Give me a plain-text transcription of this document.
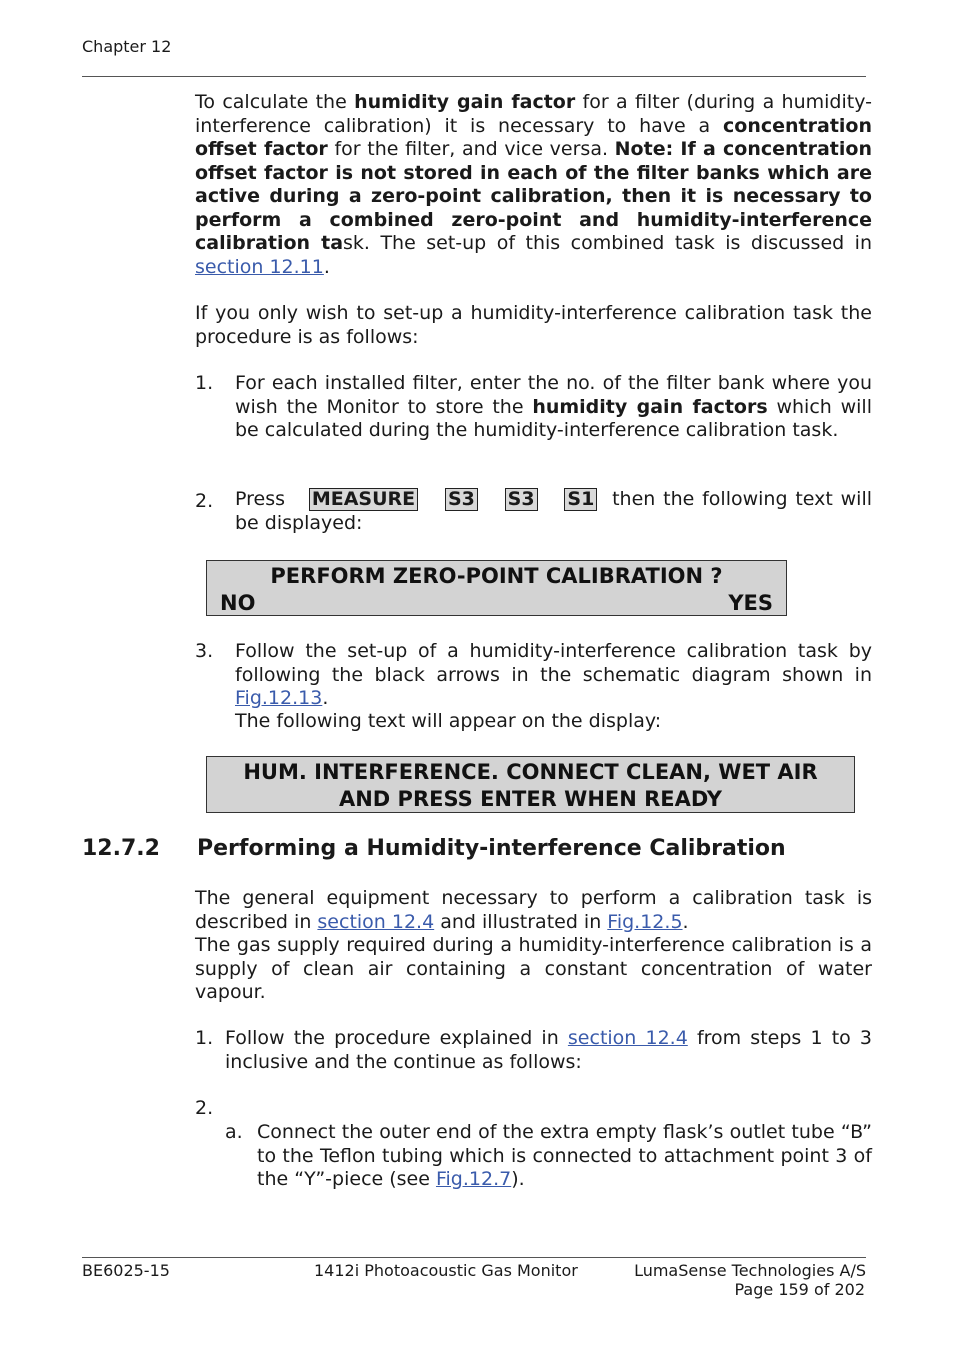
Chapter 12
To calculate the humidity gain factor for a filter (during a humidity-interference calibration) it is necessary to have a concentration offset factor for the filter, and vice versa. Note: If a concentration offset factor is not stored in each of the filter banks which are active during a zero-point calibration, then it is necessary to perform a combined zero-point and humidity-interference calibration task. The set-up of this combined task is discussed in section 12.11.
If you only wish to set-up a humidity-interference calibration task the procedure is as follows:
1. For each installed filter, enter the no. of the filter bank where you wish the Monitor to store the humidity gain factors which will be calculated during the humidity-interference calibration task.
2. Press MEASURE S3 S3 S1 then the following text will be displayed:
PERFORM ZERO-POINT CALIBRATION ?
NO	YES
3. Follow the set-up of a humidity-interference calibration task by following the black arrows in the schematic diagram shown in Fig.12.13.
The following text will appear on the display:
HUM. INTERFERENCE. CONNECT CLEAN, WET AIR
AND PRESS ENTER WHEN READY
12.7.2 Performing a Humidity-interference Calibration
The general equipment necessary to perform a calibration task is described in section 12.4 and illustrated in Fig.12.5.
The gas supply required during a humidity-interference calibration is a supply of clean air containing a constant concentration of water vapour.
1. Follow the procedure explained in section 12.4 from steps 1 to 3 inclusive and the continue as follows:
2.
a. Connect the outer end of the extra empty flask’s outlet tube “B” to the Teflon tubing which is connected to attachment point 3 of the “Y”-piece (see Fig.12.7).
BE6025-15	1412i Photoacoustic Gas Monitor	LumaSense Technologies A/S
Page 159 of 202
